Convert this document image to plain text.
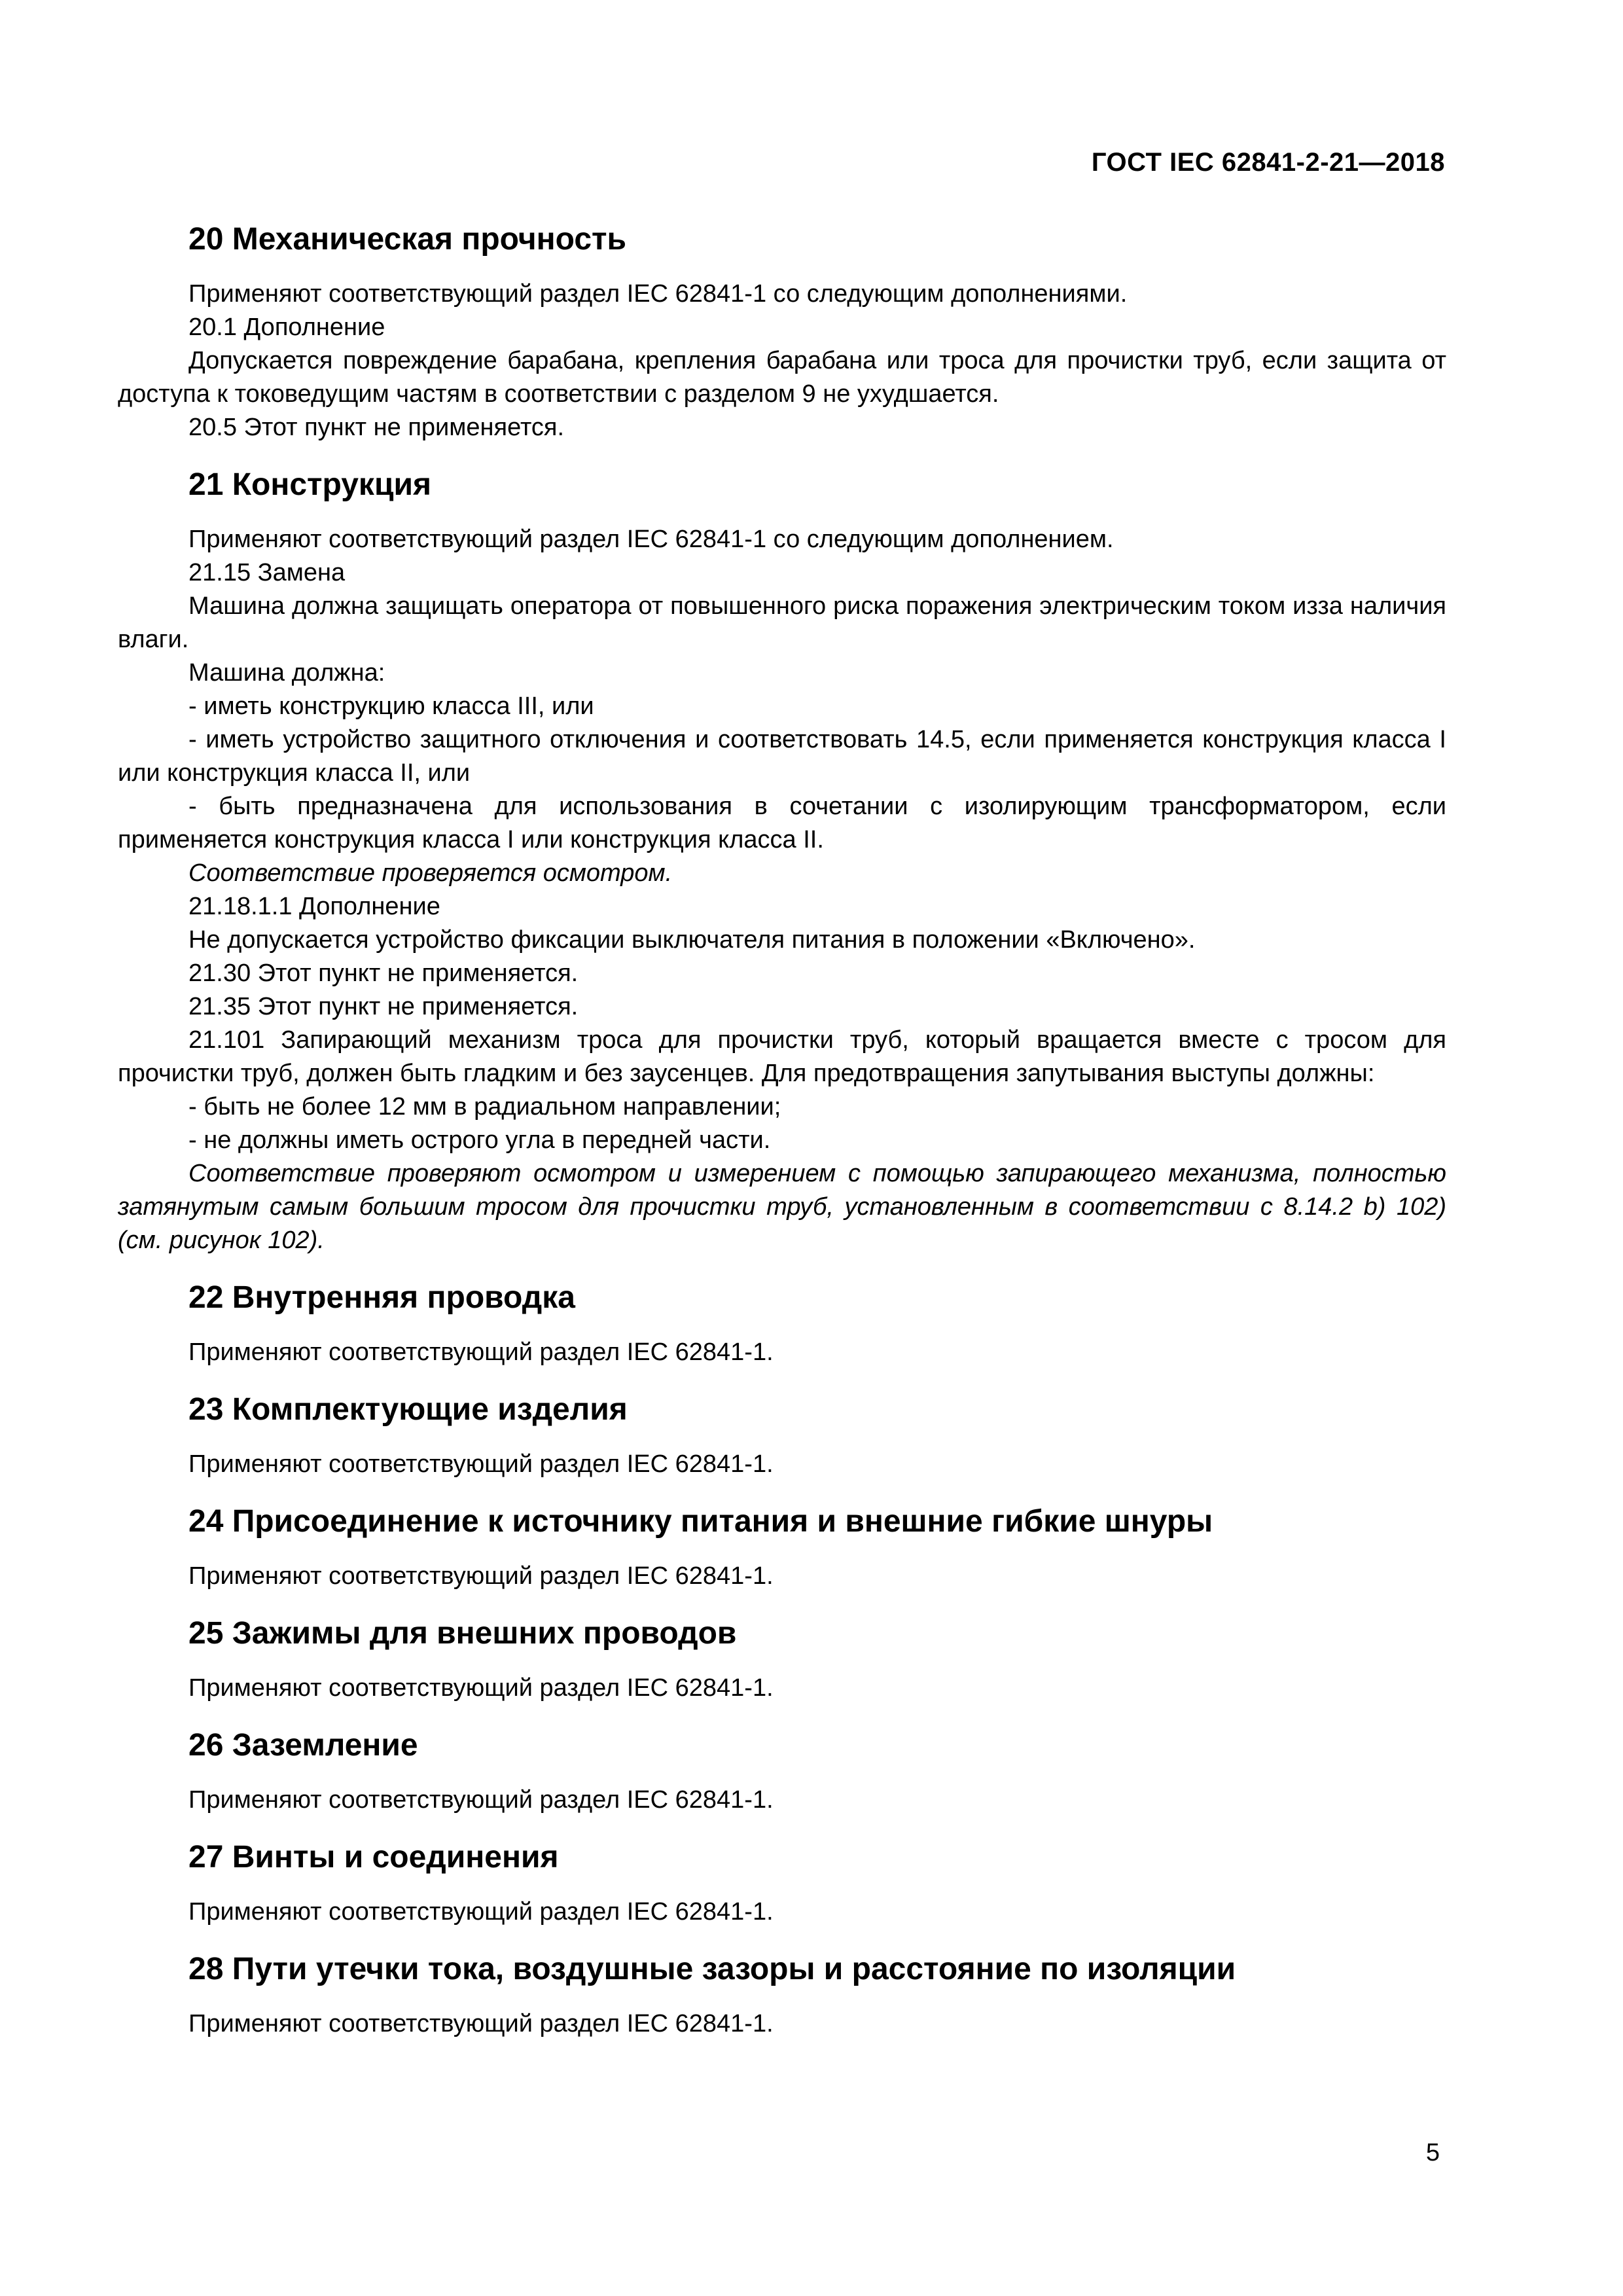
ГОСТ IEC 62841-2-21—2018
20 Механическая прочность

Применяют соответствующий раздел IEC 62841-1 со следующим дополнениями.

20.1 Дополнение

Допускается повреждение барабана, крепления барабана или троса для прочистки труб, если защита от доступа к токоведущим частям в соответствии с разделом 9 не ухудшается.

20.5 Этот пункт не применяется.

21 Конструкция

Применяют соответствующий раздел IEC 62841-1 со следующим дополнением.

21.15 Замена

Машина должна защищать оператора от повышенного риска поражения электрическим током изза наличия влаги.

Машина должна:

- иметь конструкцию класса III, или

- иметь устройство защитного отключения и соответствовать 14.5, если применяется конструкция класса I или конструкция класса II, или

- быть предназначена для использования в сочетании с изолирующим трансформатором, если применяется конструкция класса I или конструкция класса II.

Соответствие проверяется осмотром.

21.18.1.1 Дополнение

Не допускается устройство фиксации выключателя питания в положении «Включено».

21.30 Этот пункт не применяется.

21.35 Этот пункт не применяется.

21.101 Запирающий механизм троса для прочистки труб, который вращается вместе с тросом для прочистки труб, должен быть гладким и без заусенцев. Для предотвращения запутывания выступы должны:

- быть не более 12 мм в радиальном направлении;

- не должны иметь острого угла в передней части.

Соответствие проверяют осмотром и измерением с помощью запирающего механизма, полностью затянутым самым большим тросом для прочистки труб, установленным в соответствии с 8.14.2 b) 102) (см. рисунок 102).

22 Внутренняя проводка

Применяют соответствующий раздел IEC 62841-1.

23 Комплектующие изделия

Применяют соответствующий раздел IEC 62841-1.

24 Присоединение к источнику питания и внешние гибкие шнуры

Применяют соответствующий раздел IEC 62841-1.

25 Зажимы для внешних проводов

Применяют соответствующий раздел IEC 62841-1.

26 Заземление

Применяют соответствующий раздел IEC 62841-1.

27 Винты и соединения

Применяют соответствующий раздел IEC 62841-1.

28 Пути утечки тока, воздушные зазоры и расстояние по изоляции

Применяют соответствующий раздел IEC 62841-1.

5
